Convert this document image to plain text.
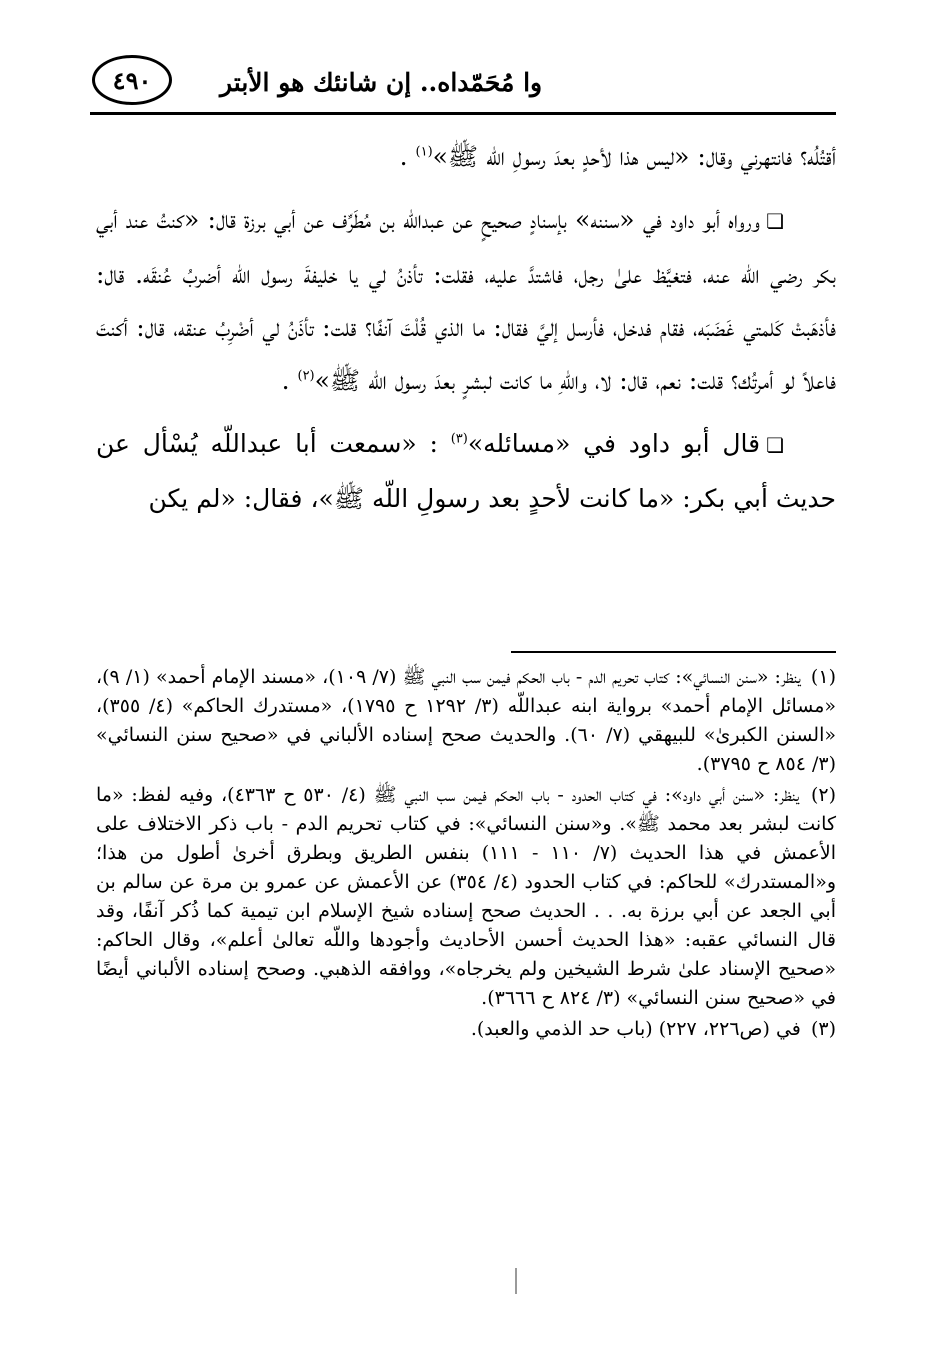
٤٩٠	وا مُحَمّداه.. إن شانئك هو الأبتر

أقتُلُه؟ فانتهرني وقال: «ليس هذا لأحدٍ بعدَ رسولِ اللّه ﷺ»$^{(١)}$ .

❏ورواه أبو داود في «سننه» بإسنادٍ صحيحٍ عن عبداللّه بن مُطَرِّف عن أبي برزة قال: «كنتُ عند أبي بكر رضي الله عنه، فتغيَّظ علىٰ رجل، فاشتدَّ عليه، فقلت: تأذنُ لي يا خليفةَ رسول اللّه أضربُ عُنقَه. قال: فأذهَبتْ كَلمتي غَضَبَه، فقام فدخل، فأرسل إليَّ فقال: ما الذي قُلْتَ آنفًا؟ قلت: تأذَنُ لي أضْرِبُ عنقه، قال: أكنتَ فاعلاً لو أمرتُك؟ قلت: نعم، قال: لا، واللّهِ ما كانت لبشرٍ بعدَ رسول اللّه ﷺ»$^{(٢)}$ .

❏قال أبو داود في «مسائله»$^{(٣)}$ : «سمعت أبا عبداللّه يُسْأل عن حديث أبي بكر: «ما كانت لأحدٍ بعد رسولِ اللّه ﷺ»، فقال: «لم يكن

(١) ينظر: «سنن النسائي»: كتاب تحريم الدم - باب الحكم فيمن سب النبي ﷺ (٧/ ١٠٩)، «مسند الإمام أحمد» (١/ ٩)، «مسائل الإمام أحمد» برواية ابنه عبداللّه (٣/ ١٢٩٢ ح ١٧٩٥)، «مستدرك الحاكم» (٤/ ٣٥٥)، «السنن الكبرىٰ» للبيهقي (٧/ ٦٠). والحديث صحح إسناده الألباني في «صحيح سنن النسائي» (٣/ ٨٥٤ ح ٣٧٩٥).

(٢) ينظر: «سنن أبي داود»: في كتاب الحدود - باب الحكم فيمن سب النبي ﷺ (٤/ ٥٣٠ ح ٤٣٦٣)، وفيه لفظ: «ما كانت لبشر بعد محمد ﷺ». و«سنن النسائي»: في كتاب تحريم الدم - باب ذكر الاختلاف على الأعمش في هذا الحديث (٧/ ١١٠ - ١١١) بنفس الطريق وبطرق أخرىٰ أطول من هذا؛ و«المستدرك» للحاكم: في كتاب الحدود (٤/ ٣٥٤) عن الأعمش عن عمرو بن مرة عن سالم بن أبي الجعد عن أبي برزة به. . . الحديث صحح إسناده شيخ الإسلام ابن تيمية كما ذُكر آنفًا، وقد قال النسائي عقبه: «هذا الحديث أحسن الأحاديث وأجودها واللّه تعالىٰ أعلم»، وقال الحاكم: «صحيح الإسناد علىٰ شرط الشيخين ولم يخرجاه»، ووافقه الذهبي. وصحح إسناده الألباني أيضًا في «صحيح سنن النسائي» (٣/ ٨٢٤ ح ٣٦٦٦).

(٣) في (ص٢٢٦، ٢٢٧) (باب حد الذمي والعبد).
